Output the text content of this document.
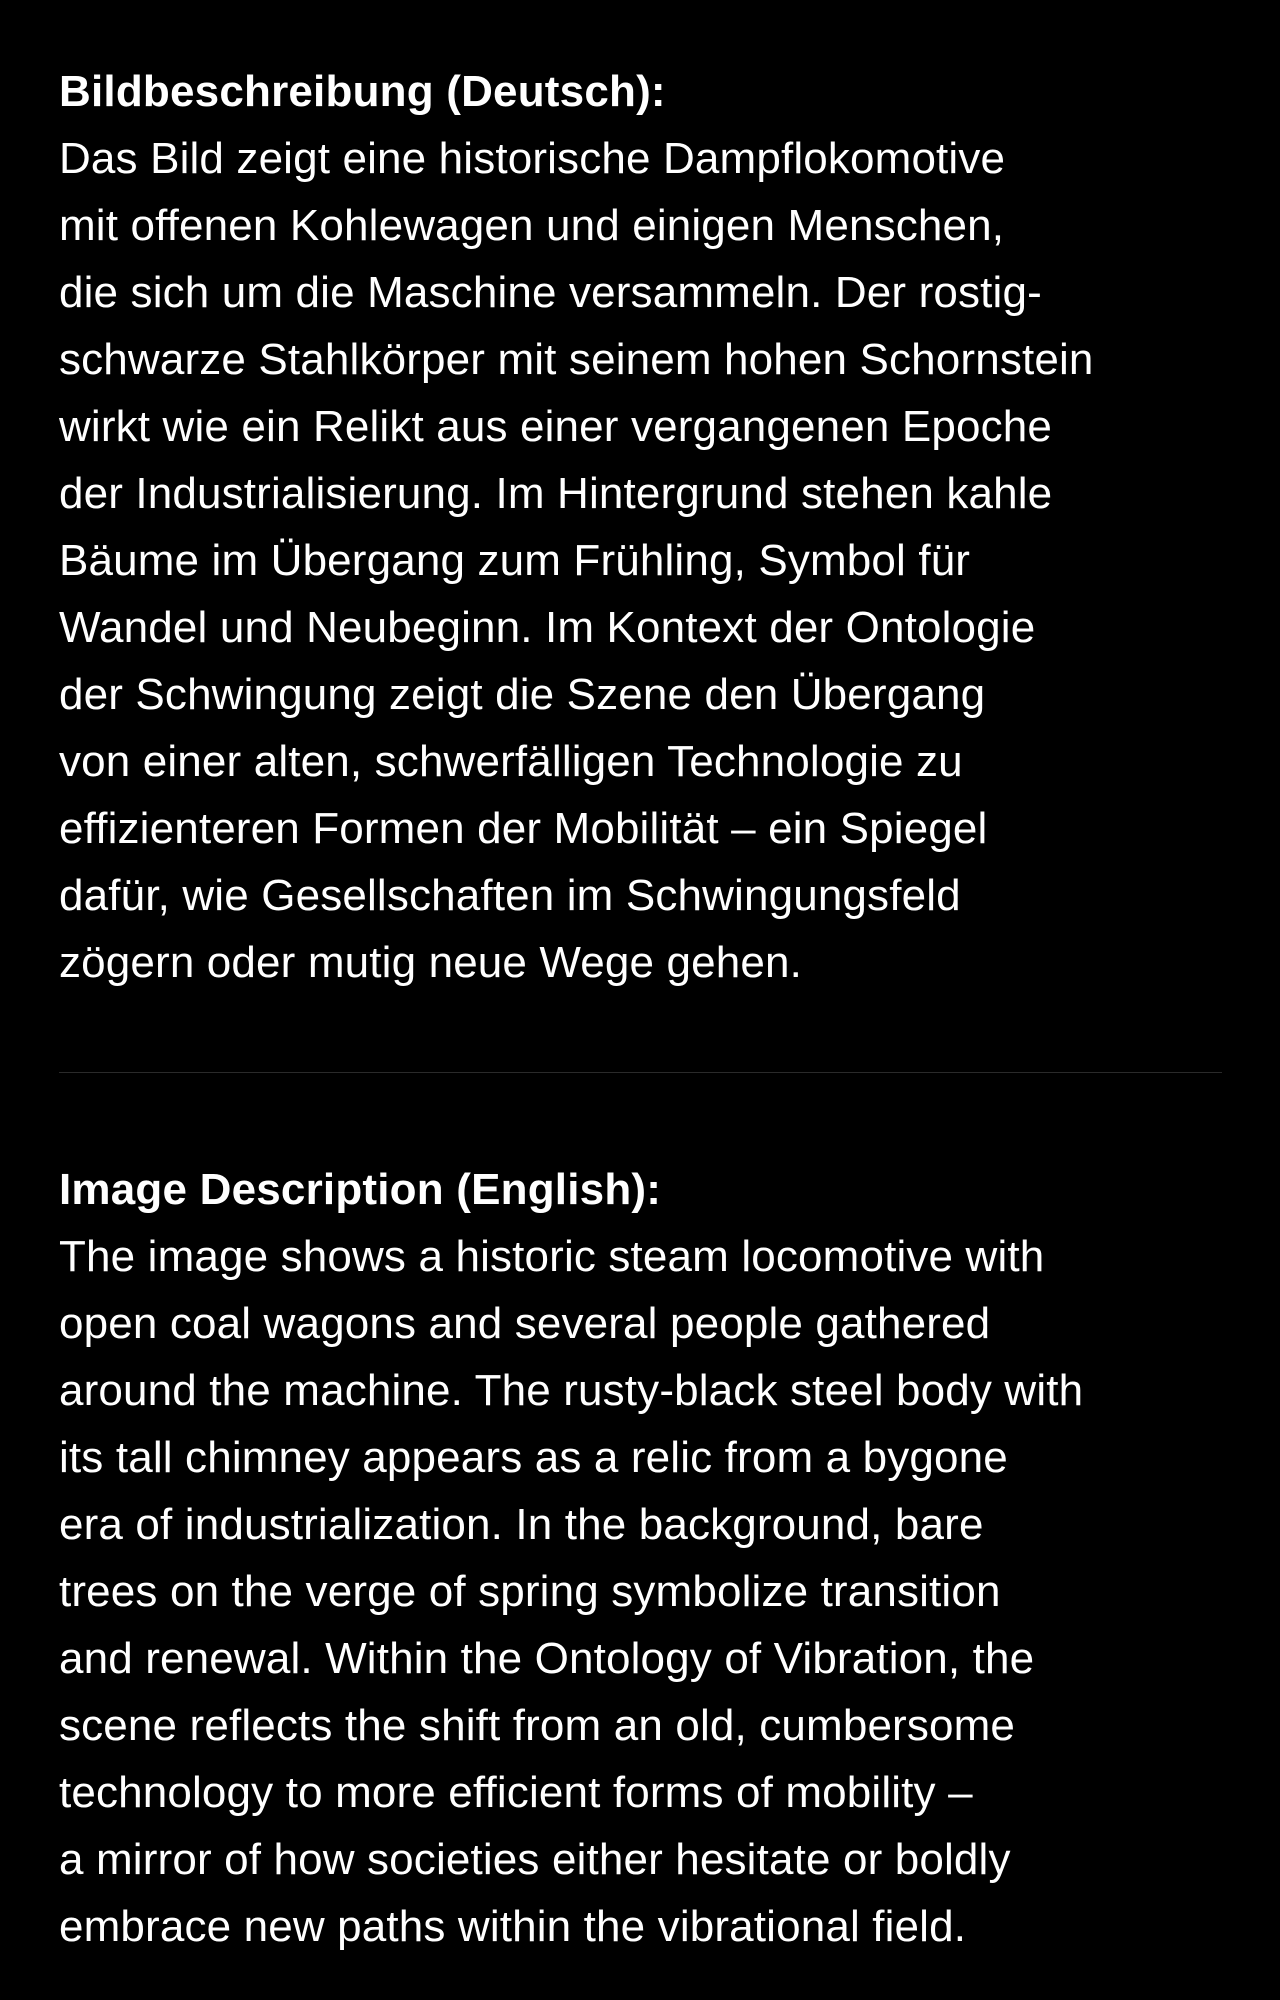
Bildbeschreibung (Deutsch):
Das Bild zeigt eine historische Dampflokomotive
mit offenen Kohlewagen und einigen Menschen,
die sich um die Maschine versammeln. Der rostig-
schwarze Stahlkörper mit seinem hohen Schornstein
wirkt wie ein Relikt aus einer vergangenen Epoche
der Industrialisierung. Im Hintergrund stehen kahle
Bäume im Übergang zum Frühling, Symbol für
Wandel und Neubeginn. Im Kontext der Ontologie
der Schwingung zeigt die Szene den Übergang
von einer alten, schwerfälligen Technologie zu
effizienteren Formen der Mobilität – ein Spiegel
dafür, wie Gesellschaften im Schwingungsfeld
zögern oder mutig neue Wege gehen.
Image Description (English):
The image shows a historic steam locomotive with
open coal wagons and several people gathered
around the machine. The rusty-black steel body with
its tall chimney appears as a relic from a bygone
era of industrialization. In the background, bare
trees on the verge of spring symbolize transition
and renewal. Within the Ontology of Vibration, the
scene reflects the shift from an old, cumbersome
technology to more efficient forms of mobility –
a mirror of how societies either hesitate or boldly
embrace new paths within the vibrational field.
